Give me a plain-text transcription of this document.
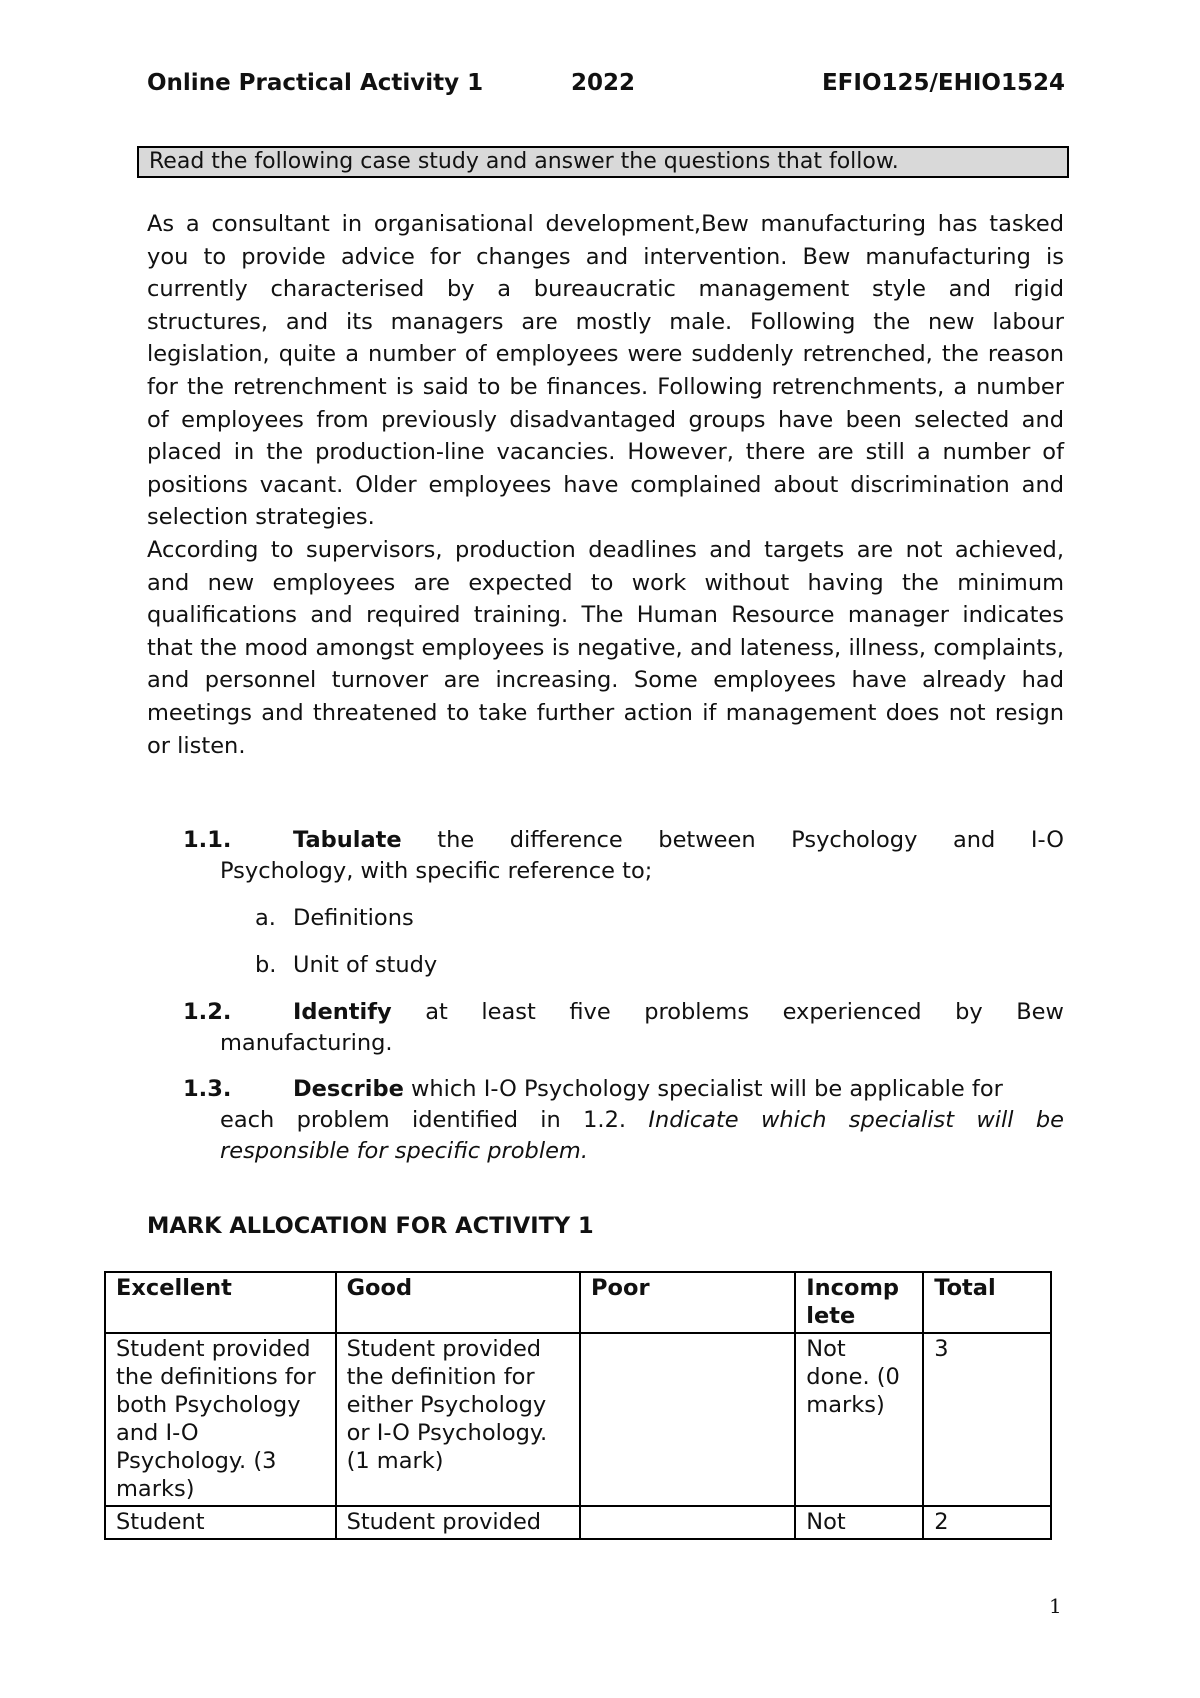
Online Practical Activity 1	2022	EFIO125/EHIO1524
Read the following case study and answer the questions that follow.

As a consultant in organisational development,Bew manufacturing has tasked you to provide advice for changes and intervention. Bew manufacturing is currently characterised by a bureaucratic management style and rigid structures, and its managers are mostly male. Following the new labour legislation, quite a number of employees were suddenly retrenched, the reason for the retrenchment is said to be finances. Following retrenchments, a number of employees from previously disadvantaged groups have been selected and placed in the production-line vacancies. However, there are still a number of positions vacant. Older employees have complained about discrimination and selection strategies.

According to supervisors, production deadlines and targets are not achieved, and new employees are expected to work without having the minimum qualifications and required training. The Human Resource manager indicates that the mood amongst employees is negative, and lateness, illness, complaints, and personnel turnover are increasing. Some employees have already had meetings and threatened to take further action if management does not resign or listen.

1.1.	Tabulate the difference between Psychology and I-O
Psychology, with specific reference to;
a. Definitions
b. Unit of study
1.2.	Identify at least five problems experienced by Bew
manufacturing.
1.3.	Describe which I-O Psychology specialist will be applicable for
each problem identified in 1.2. Indicate which specialist will be
responsible for specific problem.
MARK ALLOCATION FOR ACTIVITY 1
Excellent	Good	Poor	Incomp lete	Total
Student provided the definitions for both Psychology and I-O Psychology. (3 marks)	Student provided the definition for either Psychology or I-O Psychology. (1 mark)		Not done. (0 marks)	3
Student	Student provided		Not	2
1
